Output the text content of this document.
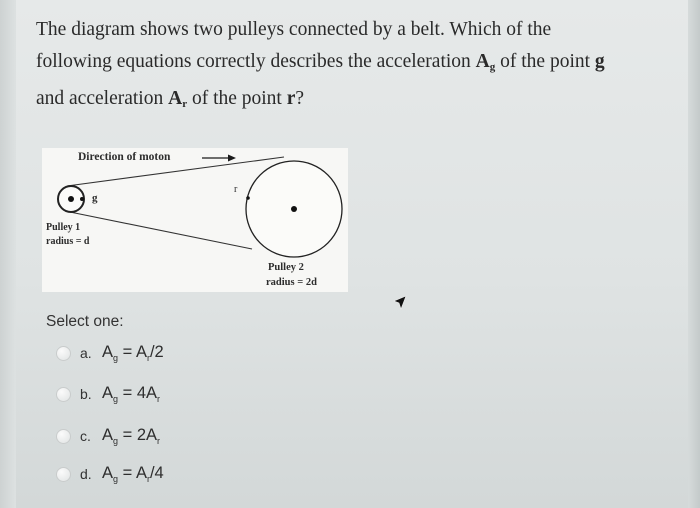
The diagram shows two pulleys connected by a belt. Which of the
following equations correctly describes the acceleration $A_g$ of the point g
and acceleration $A_r$ of the point r?
Direction of moton
g
r
Pulley 1
radius = d
Pulley 2
radius = 2d
Select one:
a. $A_g = A_r/2$
b. $A_g = 4A_r$
c. $A_g = 2A_r$
d. $A_g = A_r/4$
